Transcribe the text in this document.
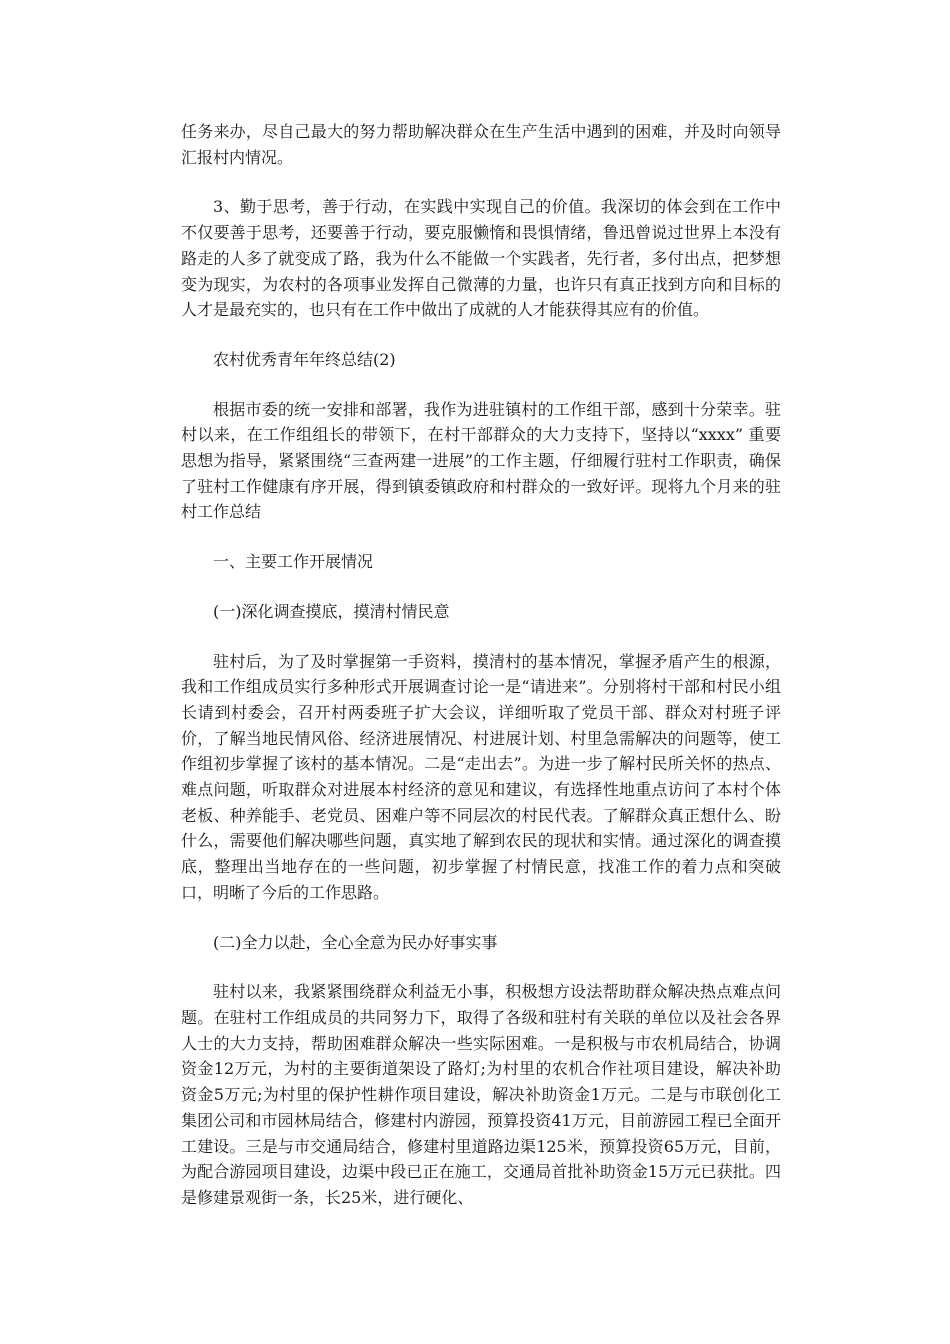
任务来办，尽自己最大的努力帮助解决群众在生产生活中遇到的困难，并及时向领导汇报村内情况。

3、勤于思考，善于行动，在实践中实现自己的价值。我深切的体会到在工作中不仅要善于思考，还要善于行动，要克服懒惰和畏惧情绪，鲁迅曾说过世界上本没有路走的人多了就变成了路，我为什么不能做一个实践者，先行者，多付出点，把梦想变为现实，为农村的各项事业发挥自己微薄的力量，也许只有真正找到方向和目标的人才是最充实的，也只有在工作中做出了成就的人才能获得其应有的价值。

农村优秀青年年终总结(2)

根据市委的统一安排和部署，我作为进驻镇村的工作组干部，感到十分荣幸。驻村以来，在工作组组长的带领下，在村干部群众的大力支持下，坚持以“xxxx” 重要思想为指导，紧紧围绕“三查两建一进展”的工作主题，仔细履行驻村工作职责，确保了驻村工作健康有序开展，得到镇委镇政府和村群众的一致好评。现将九个月来的驻村工作总结

一、主要工作开展情况

(一)深化调查摸底，摸清村情民意

驻村后，为了及时掌握第一手资料，摸清村的基本情况，掌握矛盾产生的根源，我和工作组成员实行多种形式开展调查讨论一是“请进来”。分别将村干部和村民小组长请到村委会，召开村两委班子扩大会议，详细听取了党员干部、群众对村班子评价，了解当地民情风俗、经济进展情况、村进展计划、村里急需解决的问题等，使工作组初步掌握了该村的基本情况。二是“走出去”。为进一步了解村民所关怀的热点、难点问题，听取群众对进展本村经济的意见和建议，有选择性地重点访问了本村个体老板、种养能手、老党员、困难户等不同层次的村民代表。了解群众真正想什么、盼什么，需要他们解决哪些问题，真实地了解到农民的现状和实情。通过深化的调查摸底，整理出当地存在的一些问题，初步掌握了村情民意，找准工作的着力点和突破口，明晰了今后的工作思路。

(二)全力以赴，全心全意为民办好事实事

驻村以来，我紧紧围绕群众利益无小事，积极想方设法帮助群众解决热点难点问题。在驻村工作组成员的共同努力下，取得了各级和驻村有关联的单位以及社会各界人士的大力支持，帮助困难群众解决一些实际困难。一是积极与市农机局结合，协调资金12万元，为村的主要街道架设了路灯;为村里的农机合作社项目建设，解决补助资金5万元;为村里的保护性耕作项目建设，解决补助资金1万元。二是与市联创化工集团公司和市园林局结合，修建村内游园，预算投资41万元，目前游园工程已全面开工建设。三是与市交通局结合，修建村里道路边渠125米，预算投资65万元，目前，为配合游园项目建设，边渠中段已正在施工，交通局首批补助资金15万元已获批。四是修建景观街一条，长25米，进行硬化、
